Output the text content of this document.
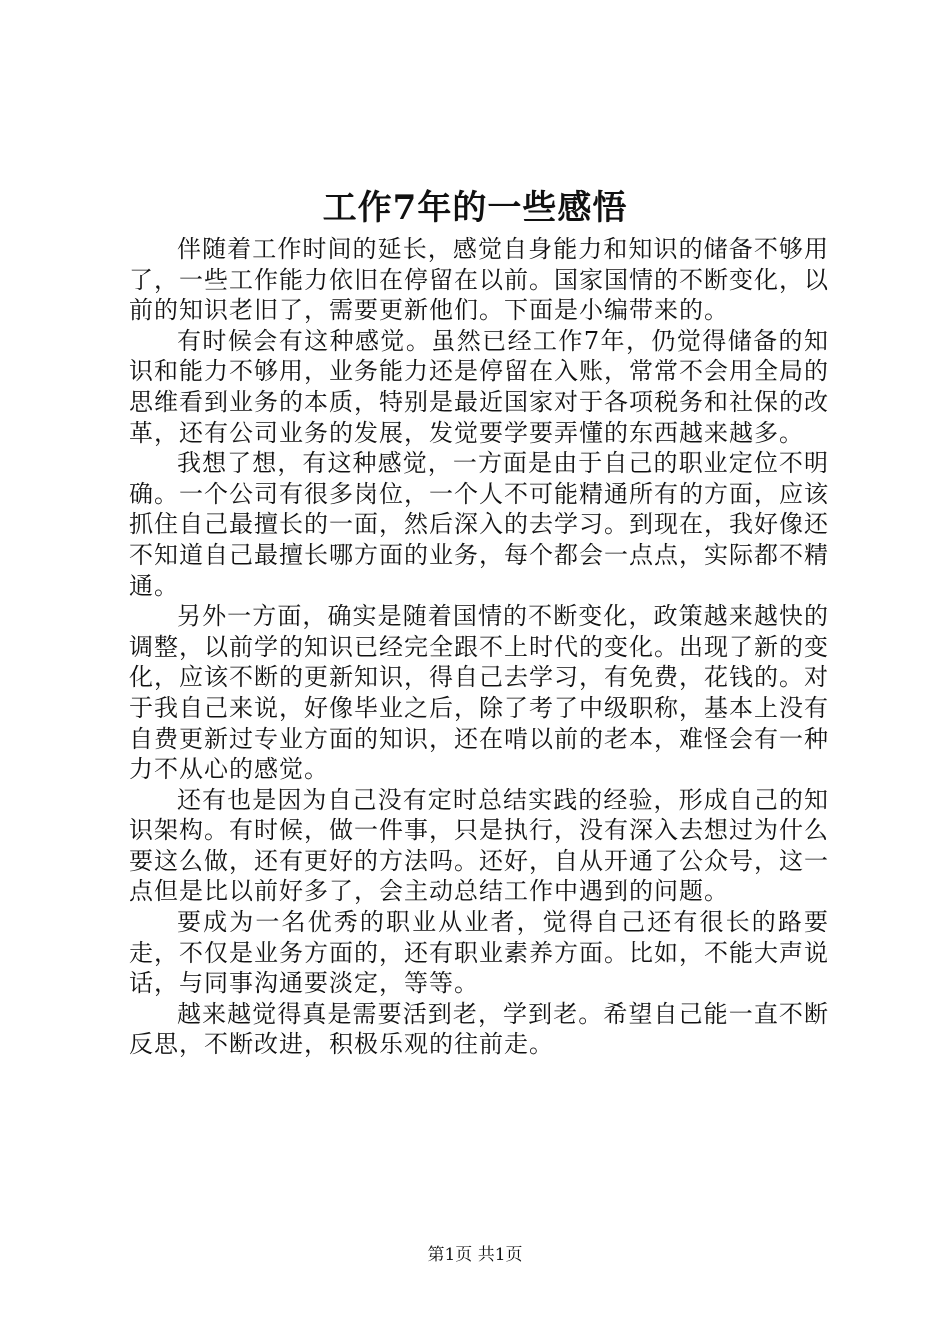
工作7年的一些感悟

伴随着工作时间的延长，感觉自身能力和知识的储备不够用了，一些工作能力依旧在停留在以前。国家国情的不断变化，以前的知识老旧了，需要更新他们。下面是小编带来的。

有时候会有这种感觉。虽然已经工作7年，仍觉得储备的知识和能力不够用，业务能力还是停留在入账，常常不会用全局的思维看到业务的本质，特别是最近国家对于各项税务和社保的改革，还有公司业务的发展，发觉要学要弄懂的东西越来越多。

我想了想，有这种感觉，一方面是由于自己的职业定位不明确。一个公司有很多岗位，一个人不可能精通所有的方面，应该抓住自己最擅长的一面，然后深入的去学习。到现在，我好像还不知道自己最擅长哪方面的业务，每个都会一点点，实际都不精通。

另外一方面，确实是随着国情的不断变化，政策越来越快的调整，以前学的知识已经完全跟不上时代的变化。出现了新的变化，应该不断的更新知识，得自己去学习，有免费，花钱的。对于我自己来说，好像毕业之后，除了考了中级职称，基本上没有自费更新过专业方面的知识，还在啃以前的老本，难怪会有一种力不从心的感觉。

还有也是因为自己没有定时总结实践的经验，形成自己的知识架构。有时候，做一件事，只是执行，没有深入去想过为什么要这么做，还有更好的方法吗。还好，自从开通了公众号，这一点但是比以前好多了，会主动总结工作中遇到的问题。

要成为一名优秀的职业从业者，觉得自己还有很长的路要走，不仅是业务方面的，还有职业素养方面。比如，不能大声说话，与同事沟通要淡定，等等。

越来越觉得真是需要活到老，学到老。希望自己能一直不断反思，不断改进，积极乐观的往前走。

第1页 共1页
